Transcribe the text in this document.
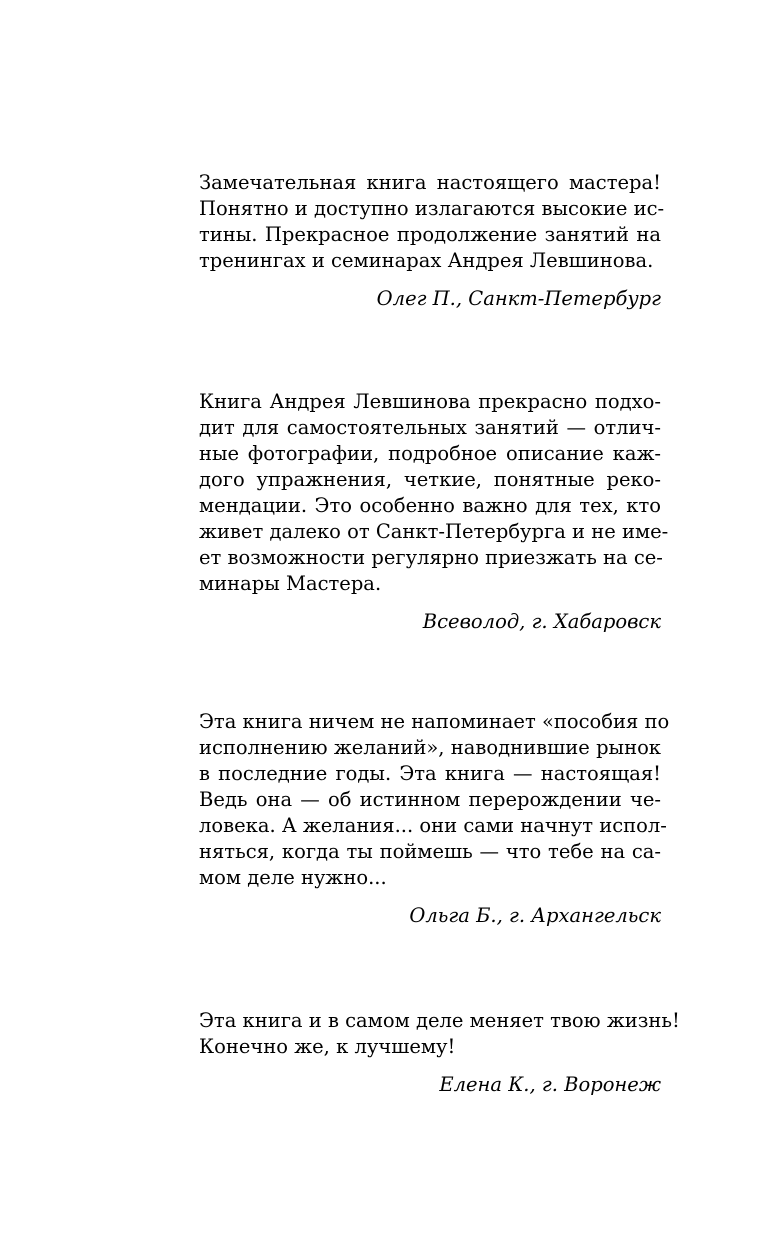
Замечательная книга настоящего мастера!
Понятно и доступно излагаются высокие ис-
тины. Прекрасное продолжение занятий на
тренингах и семинарах Андрея Левшинова.
Олег П., Санкт-Петербург
Книга Андрея Левшинова прекрасно подхо-
дит для самостоятельных занятий — отлич-
ные фотографии, подробное описание каж-
дого упражнения, четкие, понятные реко-
мендации. Это особенно важно для тех, кто
живет далеко от Санкт-Петербурга и не име-
ет возможности регулярно приезжать на се-
минары Мастера.
Всеволод, г. Хабаровск
Эта книга ничем не напоминает «пособия по
исполнению желаний», наводнившие рынок
в последние годы. Эта книга — настоящая!
Ведь она — об истинном перерождении че-
ловека. А желания... они сами начнут испол-
няться, когда ты поймешь — что тебе на са-
мом деле нужно...
Ольга Б., г. Архангельск
Эта книга и в самом деле меняет твою жизнь!
Конечно же, к лучшему!
Елена К., г. Воронеж
